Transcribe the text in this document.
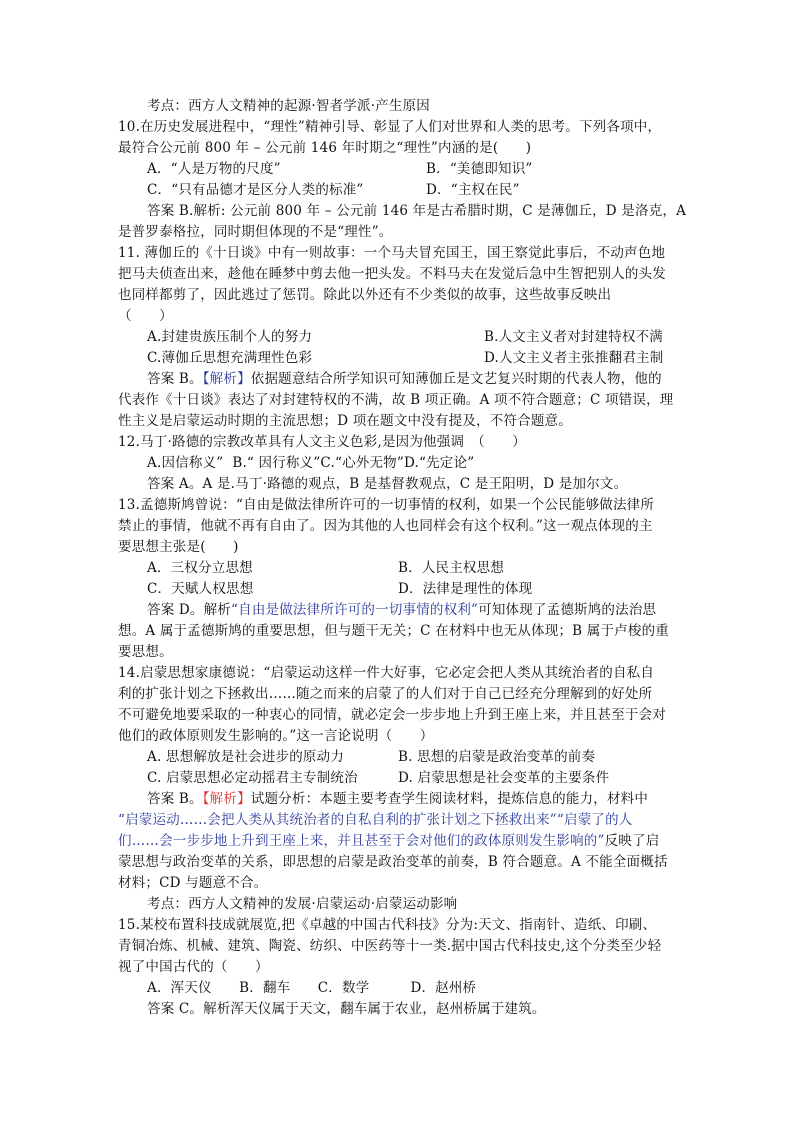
考点：西方人文精神的起源·智者学派·产生原因
10.在历史发展进程中，“理性”精神引导、彰显了人们对世界和人类的思考。下列各项中，
最符合公元前 800 年 – 公元前 146 年时期之“理性”内涵的是(　　)
A．“人是万物的尺度”	B．“美德即知识”
C．“只有品德才是区分人类的标准”	D．“主权在民”
答案 B.解析: 公元前 800 年 – 公元前 146 年是古希腊时期，C 是薄伽丘，D 是洛克，A
是普罗泰格拉，同时期但体现的不是“理性”。
11. 薄伽丘的《十日谈》中有一则故事：一个马夫冒充国王，国王察觉此事后，不动声色地
把马夫侦查出来，趁他在睡梦中剪去他一把头发。不料马夫在发觉后急中生智把别人的头发
也同样都剪了，因此逃过了惩罚。除此以外还有不少类似的故事，这些故事反映出
（　　）
A.封建贵族压制个人的努力	B.人文主义者对封建特权不满
C.薄伽丘思想充满理性色彩	D.人文主义者主张推翻君主制
答案 B。【解析】依据题意结合所学知识可知薄伽丘是文艺复兴时期的代表人物，他的
代表作《十日谈》表达了对封建特权的不满，故 B 项正确。A 项不符合题意；C 项错误，理
性主义是启蒙运动时期的主流思想；D 项在题文中没有提及，不符合题意。
12.马丁·路德的宗教改革具有人文主义色彩,是因为他强调　（　　）
A.因信称义”  B.“ 因行称义”C.“心外无物”D.“先定论”
答案 A。A 是.马丁·路德的观点，B 是基督教观点，C 是王阳明，D 是加尔文。
13.孟德斯鸠曾说：“自由是做法律所许可的一切事情的权利，如果一个公民能够做法律所
禁止的事情，他就不再有自由了。因为其他的人也同样会有这个权利。”这一观点体现的主
要思想主张是(　　)
A．三权分立思想	B．人民主权思想
C．天赋人权思想	D．法律是理性的体现
答案 D。解析“自由是做法律所许可的一切事情的权利”可知体现了孟德斯鸠的法治思
想。A 属于孟德斯鸠的重要思想，但与题干无关；C 在材料中也无从体现；B 属于卢梭的重
要思想。
14.启蒙思想家康德说：“启蒙运动这样一件大好事，它必定会把人类从其统治者的自私自
利的扩张计划之下拯救出……随之而来的启蒙了的人们对于自己已经充分理解到的好处所
不可避免地要采取的一种衷心的同情，就必定会一步步地上升到王座上来，并且甚至于会对
他们的政体原则发生影响的。”这一言论说明（　　）
A. 思想解放是社会进步的原动力	B. 思想的启蒙是政治变革的前奏
C. 启蒙思想必定动摇君主专制统治	D. 启蒙思想是社会变革的主要条件
答案 B。【解析】试题分析：本题主要考查学生阅读材料，提炼信息的能力，材料中
“启蒙运动……会把人类从其统治者的自私自利的扩张计划之下拯救出来”“启蒙了的人
们……会一步步地上升到王座上来，并且甚至于会对他们的政体原则发生影响的”反映了启
蒙思想与政治变革的关系，即思想的启蒙是政治变革的前奏，B 符合题意。A 不能全面概括
材料；CD 与题意不合。
考点：西方人文精神的发展·启蒙运动·启蒙运动影响
15.某校布置科技成就展览,把《卓越的中国古代科技》分为:天文、指南针、造纸、印刷、
青铜冶炼、机械、建筑、陶瓷、纺织、中医药等十一类.据中国古代科技史,这个分类至少轻
视了中国古代的（　　）
A．浑天仪　　B．翻车　　C．数学　　　D．赵州桥
答案 C。解析浑天仪属于天文，翻车属于农业，赵州桥属于建筑。
